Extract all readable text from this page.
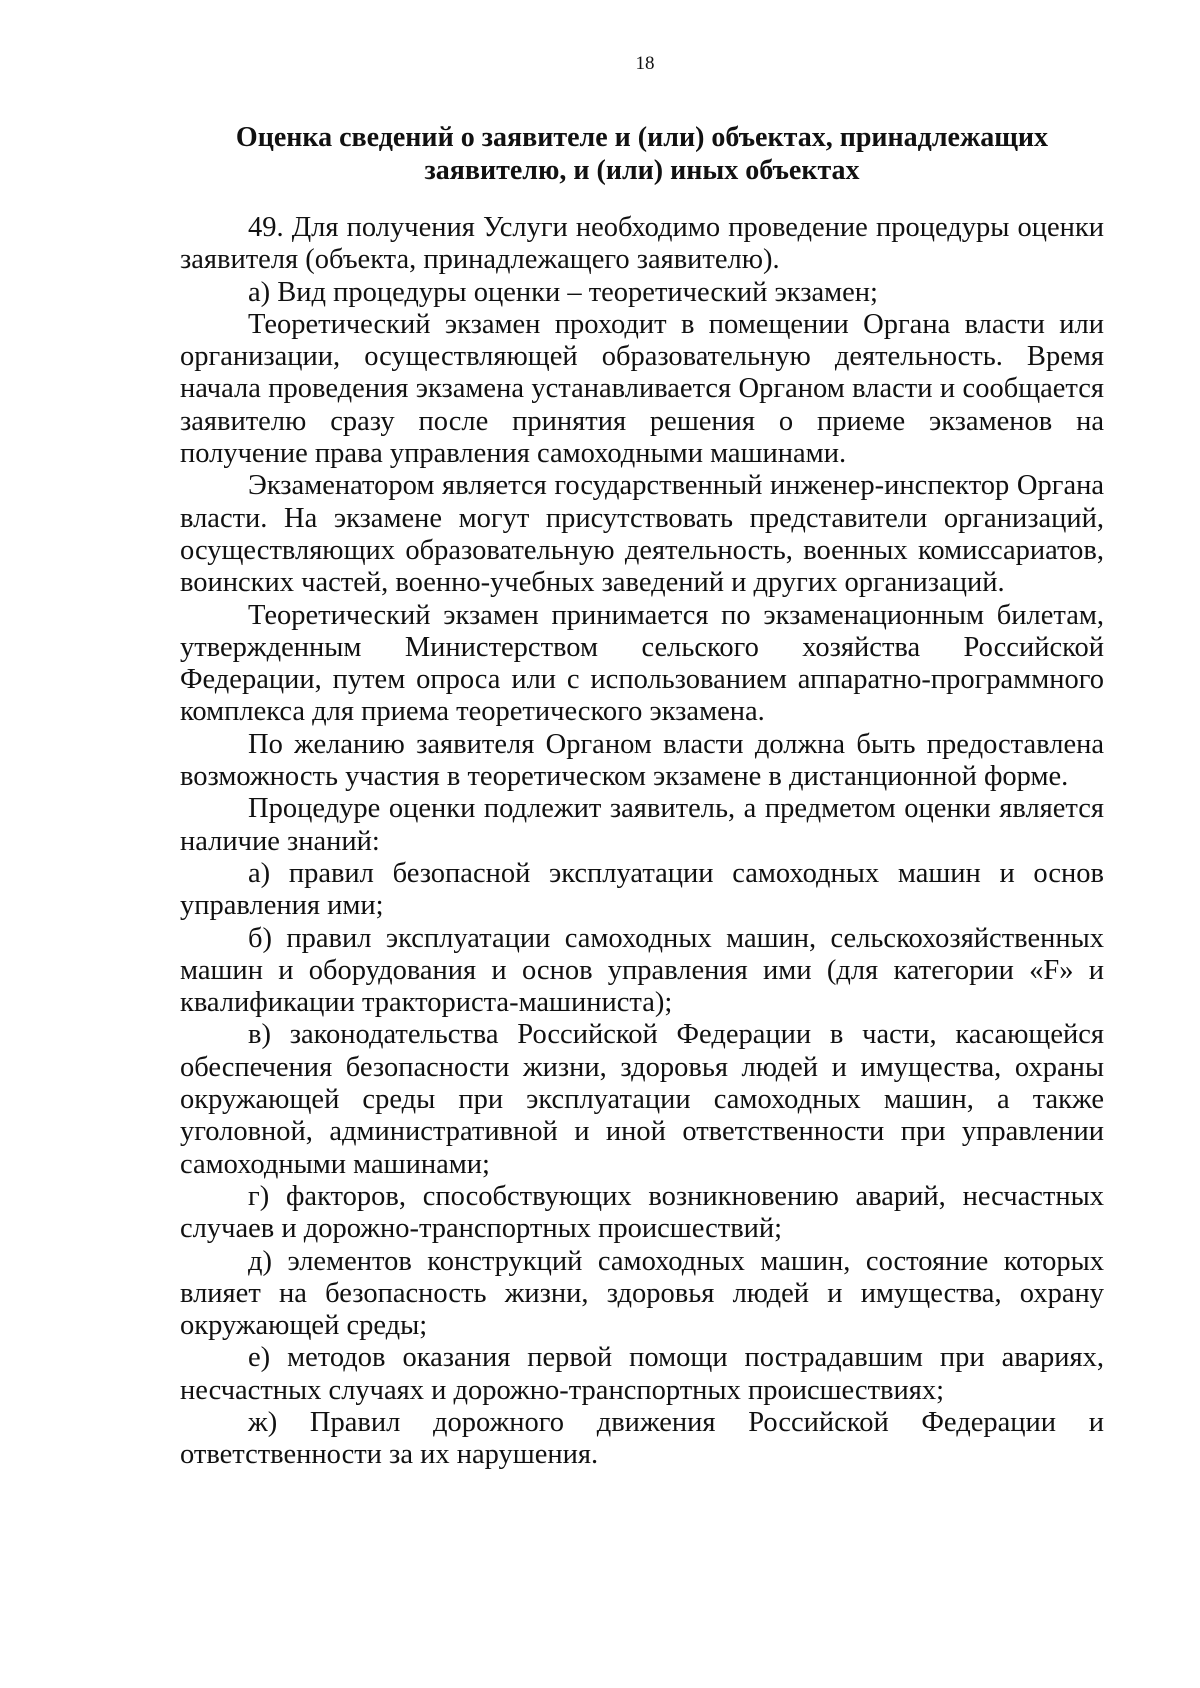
18
Оценка сведений о заявителе и (или) объектах, принадлежащих
заявителю, и (или) иных объектах

49. Для получения Услуги необходимо проведение процедуры оценки заявителя (объекта, принадлежащего заявителю).

а) Вид процедуры оценки – теоретический экзамен;

Теоретический экзамен проходит в помещении Органа власти или организации, осуществляющей образовательную деятельность. Время начала проведения экзамена устанавливается Органом власти и сообщается заявителю сразу после принятия решения о приеме экзаменов на получение права управления самоходными машинами.

Экзаменатором является государственный инженер-инспектор Органа власти. На экзамене могут присутствовать представители организаций, осуществляющих образовательную деятельность, военных комиссариатов, воинских частей, военно-учебных заведений и других организаций.

Теоретический экзамен принимается по экзаменационным билетам, утвержденным Министерством сельского хозяйства Российской Федерации, путем опроса или с использованием аппаратно-программного комплекса для приема теоретического экзамена.

По желанию заявителя Органом власти должна быть предоставлена возможность участия в теоретическом экзамене в дистанционной форме.

Процедуре оценки подлежит заявитель, а предметом оценки является наличие знаний:

а) правил безопасной эксплуатации самоходных машин и основ управления ими;

б) правил эксплуатации самоходных машин, сельскохозяйственных машин и оборудования и основ управления ими (для категории «F» и квалификации тракториста-машиниста);

в) законодательства Российской Федерации в части, касающейся обеспечения безопасности жизни, здоровья людей и имущества, охраны окружающей среды при эксплуатации самоходных машин, а также уголовной, административной и иной ответственности при управлении самоходными машинами;

г) факторов, способствующих возникновению аварий, несчастных случаев и дорожно-транспортных происшествий;

д) элементов конструкций самоходных машин, состояние которых влияет на безопасность жизни, здоровья людей и имущества, охрану окружающей среды;

е) методов оказания первой помощи пострадавшим при авариях, несчастных случаях и дорожно-транспортных происшествиях;

ж) Правил дорожного движения Российской Федерации и ответственности за их нарушения.
